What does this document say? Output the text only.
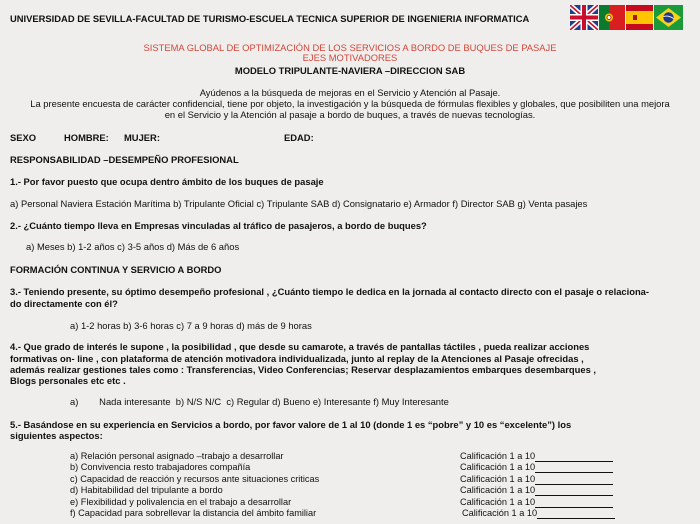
UNIVERSIDAD DE SEVILLA-FACULTAD DE TURISMO-ESCUELA TECNICA SUPERIOR DE INGENIERIA INFORMATICA
SISTEMA GLOBAL DE OPTIMIZACIÓN DE LOS SERVICIOS A BORDO DE BUQUES DE PASAJE
EJES MOTIVADORES
MODELO TRIPULANTE-NAVIERA –DIRECCION SAB
Ayúdenos a la búsqueda de mejoras en el Servicio y Atención al Pasaje.
La presente encuesta de carácter confidencial, tiene por objeto, la investigación y la búsqueda de fórmulas flexibles y globales, que posibiliten una mejora
en el Servicio y la Atención al pasaje a bordo de buques, a través de nuevas tecnologías.
SEXO	HOMBRE: MUJER:	EDAD:
RESPONSABILIDAD –DESEMPEÑO PROFESIONAL
1.- Por favor puesto que ocupa dentro ámbito de los buques de pasaje
a) Personal Naviera Estación Marítima b) Tripulante Oficial c) Tripulante SAB d) Consignatario e) Armador f) Director SAB g) Venta pasajes
2.- ¿Cuánto tiempo lleva en Empresas vinculadas al tráfico de pasajeros, a bordo de buques?
a) Meses b) 1-2 años c) 3-5 años d) Más de 6 años
FORMACIÓN CONTINUA Y SERVICIO A BORDO
3.- Teniendo presente, su óptimo desempeño profesional , ¿Cuánto tiempo le dedica en la jornada al contacto directo con el pasaje o relaciona-
do directamente con él?
a) 1-2 horas b) 3-6 horas c) 7 a 9 horas d) más de 9 horas
4.- Que grado de interés le supone , la posibilidad , que desde su camarote, a través de pantallas táctiles , pueda realizar acciones
formativas on- line , con plataforma de atención motivadora individualizada, junto al replay de la Atenciones al Pasaje ofrecidas ,
además realizar gestiones tales como : Transferencias, Video Conferencias; Reservar desplazamientos embarques desembarques ,
Blogs personales etc etc .
a)        Nada interesante  b) N/S N/C  c) Regular d) Bueno e) Interesante f) Muy Interesante
5.- Basándose en su experiencia en Servicios a bordo, por favor valore de 1 al 10 (donde 1 es “pobre” y 10 es “excelente”) los
siguientes aspectos:
a) Relación personal asignado –trabajo a desarrollar	Calificación 1 a 10
b) Convivencia resto trabajadores compañía	Calificación 1 a 10
c) Capacidad de reacción y recursos ante situaciones criticas	Calificación 1 a 10
d) Habitabilidad del tripulante a bordo	Calificación 1 a 10
e) Flexibilidad y polivalencia en el trabajo a desarrollar	Calificación 1 a 10
f) Capacidad para sobrellevar la distancia del ámbito familiar	Calificación 1 a 10
